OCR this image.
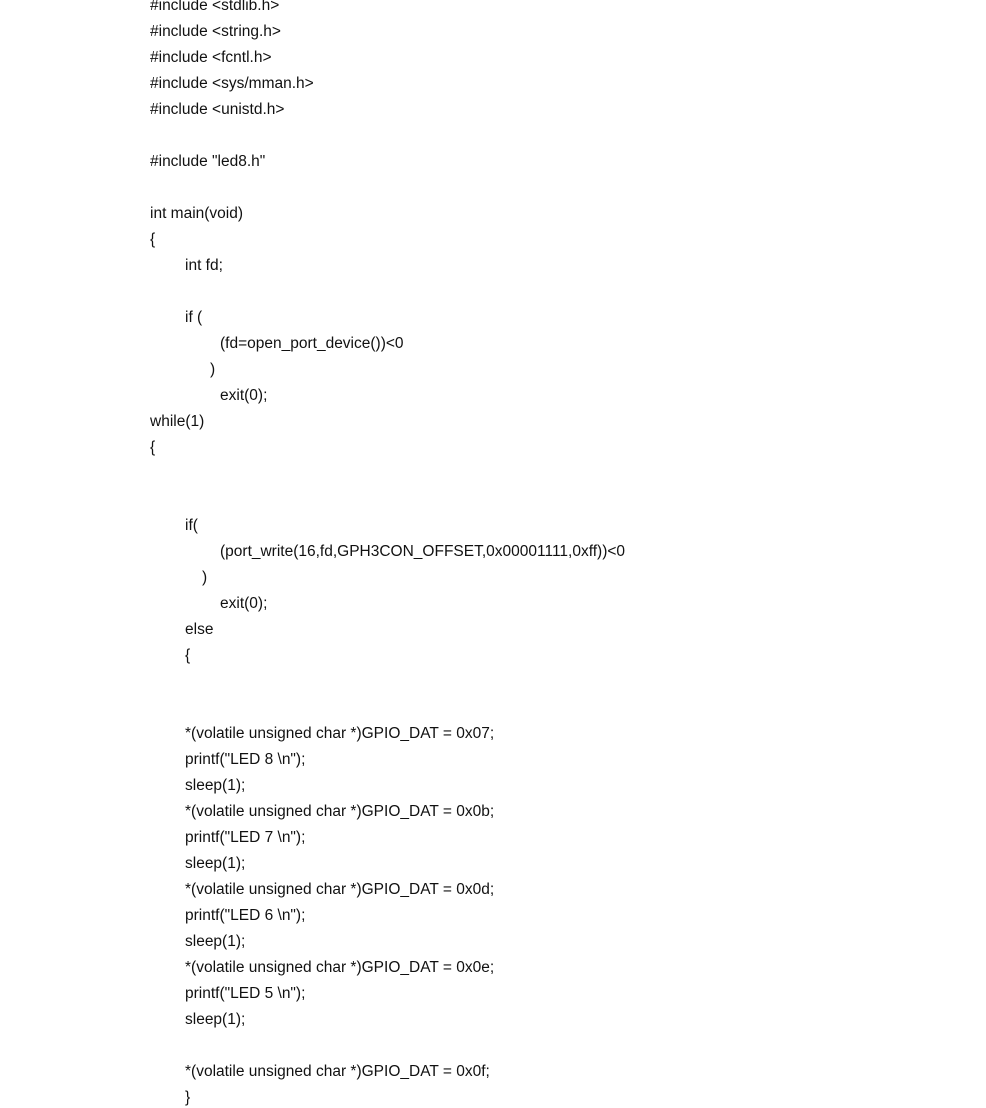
#include <stdlib.h>
#include <string.h>
#include <fcntl.h>
#include <sys/mman.h>
#include <unistd.h>
#include "led8.h"
int main(void)
{
int fd;
if (
(fd=open_port_device())<0
)
exit(0);
while(1)
{
if(
(port_write(16,fd,GPH3CON_OFFSET,0x00001111,0xff))<0
)
exit(0);
else
{
*(volatile unsigned char *)GPIO_DAT = 0x07;
printf("LED 8 \n");
sleep(1);
*(volatile unsigned char *)GPIO_DAT = 0x0b;
printf("LED 7 \n");
sleep(1);
*(volatile unsigned char *)GPIO_DAT = 0x0d;
printf("LED 6 \n");
sleep(1);
*(volatile unsigned char *)GPIO_DAT = 0x0e;
printf("LED 5 \n");
sleep(1);
*(volatile unsigned char *)GPIO_DAT = 0x0f;
}
